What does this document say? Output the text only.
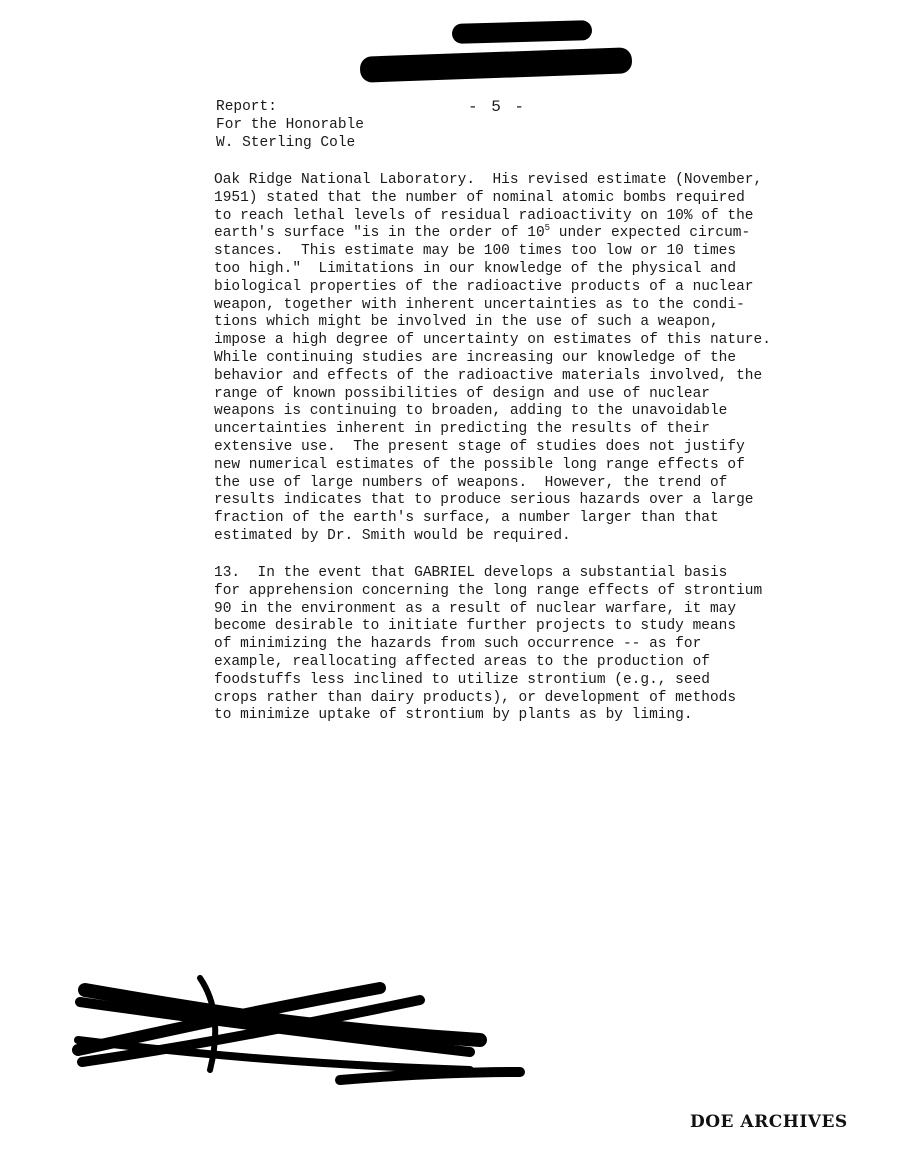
Report:
For the Honorable
W. Sterling Cole
- 5 -
Oak Ridge National Laboratory.  His revised estimate (November,
1951) stated that the number of nominal atomic bombs required
to reach lethal levels of residual radioactivity on 10% of the
earth's surface "is in the order of $10^5$ under expected circum-
stances.  This estimate may be 100 times too low or 10 times
too high."  Limitations in our knowledge of the physical and
biological properties of the radioactive products of a nuclear
weapon, together with inherent uncertainties as to the condi-
tions which might be involved in the use of such a weapon,
impose a high degree of uncertainty on estimates of this nature.
While continuing studies are increasing our knowledge of the
behavior and effects of the radioactive materials involved, the
range of known possibilities of design and use of nuclear
weapons is continuing to broaden, adding to the unavoidable
uncertainties inherent in predicting the results of their
extensive use.  The present stage of studies does not justify
new numerical estimates of the possible long range effects of
the use of large numbers of weapons.  However, the trend of
results indicates that to produce serious hazards over a large
fraction of the earth's surface, a number larger than that
estimated by Dr. Smith would be required.
13.  In the event that GABRIEL develops a substantial basis
for apprehension concerning the long range effects of strontium
90 in the environment as a result of nuclear warfare, it may
become desirable to initiate further projects to study means
of minimizing the hazards from such occurrence -- as for
example, reallocating affected areas to the production of
foodstuffs less inclined to utilize strontium (e.g., seed
crops rather than dairy products), or development of methods
to minimize uptake of strontium by plants as by liming.
DOE ARCHIVES
